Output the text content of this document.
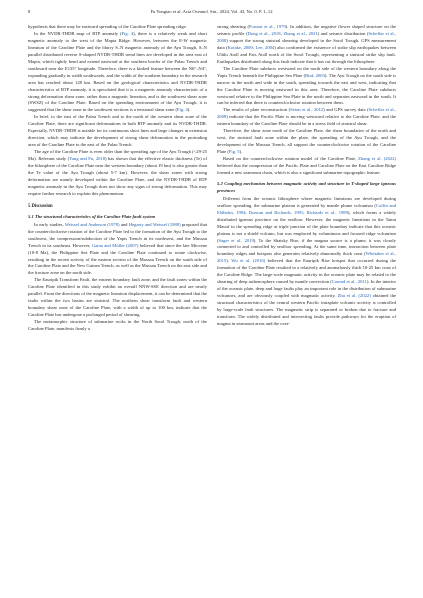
8	Fu Yongtao et al. Acta Oceanol. Sin., 2024, Vol. 43, No. 0, P. 1–12

hypothesis that there may be eastward spreading of the Caroline Plate spreading ridge.

In the NVDR-THDR map of RTP anomaly (Fig. 4), there is a relatively weak and short magnetic anomaly to the west of the Mapia Ridge. However, between the E-W magnetic lineation of the Caroline Plate and the blurry S–N magnetic anomaly of the Ayu Trough, S–N parallel distributed reverse S-shaped NVDR-THDR trend lines are developed in the area east of Mapia, which tightly bend and extend eastward at the southern border of the Palau Trench and southward near the E135° longitude. Therefore, there is a kinked feature between the N6°–N4°, expanding gradually in width southwards, and the width of the southern boundary in the research area has reached about 128 km. Based on the geological characteristics and NVDR-THDR characteristics of RTP anomaly, it is speculated that it is a magnetic anomaly characteristic of a strong deformation shear zone, rather than a magnetic lineation, and is the southwest shear zone (SWSZ) of the Caroline Plate. Based on the spreading environment of the Ayu Trough, it is suggested that the shear zone in the southwest sections is a tensional shear zone (Fig. 4).

In brief, to the east of the Palau Trench and to the north of the western shear zone of the Caroline Plate, there are significant deformations in both RTP anomaly and its NVDR-THDR. Especially, NVDR-THDR is notable for its continuous short lines and large changes in extension direction, which may indicate the development of strong shear deformation in the protruding area of the Caroline Plate to the east of the Palau Trench.

The age of the Caroline Plate is even older than the spreading age of the Ayu Trough (<29-25 Ma). Relevant study (Yang and Fu, 2018) has shown that the effective elastic thickness (Te) of the lithosphere of the Caroline Plate near the western boundary (about 19 km) is also greater than the Te value of the Ayu Trough (about 5-7 km). However, the shear zones with strong deformation are mainly developed within the Caroline Plate, and the NVDR-THDR of RTP magnetic anomaly in the Ayu Trough does not show any signs of strong deformation. This may require further research to explain this phenomenon.

5 Discussion
5.1 The structural characteristics of the Caroline Plate fault system

In early studies, Weissel and Anderson (1978) and Hegarty and Weissel (1988) proposed that the counterclockwise rotation of the Caroline Plate led to the formation of the Ayu Trough to the southwest, the compression/subduction of the Yapis Trench in its northwest, and the Mussau Trench in its southeast. However, Gaina and Müller (2007) believed that since the late Miocene (10-8 Ma), the Philippine Sea Plate and the Caroline Plate continued to rotate clockwise, resulting in the recent activity of the eastern section of the Mussau Trench on the south side of the Caroline Plate and the New Guinea Trench, as well as the Mussau Trench on the east side and the fracture zone on the north side.

The Eauripik Transform Fault, the eastern boundary fault zone, and the fault zones within the Caroline Plate identified in this study exhibit an overall NNW-SSE direction and are nearly parallel. From the directions of the magnetic lineation displacement, it can be determined that the faults within the two basins are sinistral. The northern shear transform fault and western boundary shear zone of the Caroline Plate, with a width of up to 100 km, indicate that the Caroline Plate has undergone a prolonged period of shearing.

The metamorphic structure of submarine rocks in the North Sorol Trough, north of the Caroline Plate, manifests firmly a

strong shearing (Fornari et al., 1979). In addition, the negative flower shaped structure on the seismic profile (Dong et al., 2018; Zhang et al., 2021) and seismic distribution (Scheffar et al., 2008) support the strong sinistral shearing developed in the Sorol Trough. GPS measurement data (Kotake, 2000; Lee, 2004) also confirmed the existence of strike slip earthquakes between Ulithi Atoll and Fais Atoll north of the Sorol Trough, representing a sinistral strike slip fault. Earthquakes distributed along this fault indicate that it has cut through the lithosphere.

The Caroline Plate subducts westward on the north side of the western boundary along the Yapis Trench beneath the Philippine Sea Plate (Bird, 2003). The Ayu Trough on the south side is narrow in the north and wide in the south, spreading towards the east and west, indicating that the Caroline Plate is moving eastward in this area. Therefore, the Caroline Plate subducts westward relative to the Philippine Sea Plate in the north and separates eastward in the south. It can be inferred that there is counterclockwise rotation between them.

The results of plate reconstruction (Seton et al., 2012) and GPS survey data (Scheffar et al., 2008) indicate that the Pacific Plate is moving westward relative to the Caroline Plate, and the eastern boundary of the Caroline Plate should be in a stress field of sinistral shear.

Therefore, the shear zone north of the Caroline Plate, the shear boundaries of the north and west, the sinistral fault zone within the plate, the spreading of the Ayu Trough, and the development of the Mussau Trench, all support the counterclockwise rotation of the Caroline Plate (Fig. 5).

Based on the counterclockwise rotation model of the Caroline Plate, Zhang et al. (2022) believed that the compression of the Pacific Plate and Caroline Plate on the East Caroline Ridge formed a new seamount chain, which is also a significant submarine topographic feature.

5.2 Coupling mechanism between magmatic activity and structure in T-shaped large igneous provinces

Different from the oceanic lithosphere where magnetic lineations are developed during seafloor spreading, the submarine plateau is generated by mantle plume volcanism (Coffin and Eldholm, 1994; Duncan and Richards, 1991; Richards et al., 1989), which forms a widely distributed igneous province on the seafloor. However, the magnetic lineations in the Tamu Massif in the spreading ridge at triple junction of the plate boundary indicate that this oceanic plateau is not a shield volcano, but was emplaced by voluminous and focused ridge volcanism (Sager et al., 2019). To the Shatsky Rise, if the magma source is a plume, it was closely connected to and controlled by seafloor spreading. At the same time, interaction between plate boundary ridges and hotspots also generates relatively abnormally thick crust (Whittaker et al., 2015). Wu et al. (2016) believed that the Eauripik Rise hotspot that occurred during the formation of the Caroline Plate resulted in a relatively and anomalously thick 10-25 km crust of the Caroline Ridge. The large-scale magmatic activity in the oceanic plate may be related to the shearing of deep asthenosphere caused by mantle convection (Conrad et al., 2011). In the interior of the oceanic plate, deep and large faults play an important role in the distribution of submarine volcanoes, and are obviously coupled with magmatic activity. Zhu et al. (2022) obtained the structural characteristics of the central western Pacific intraplate volcanic activity is controlled by large-scale fault structures. The magmatic strip is separated or broken due to fracture and transform. The widely distributed and intersecting faults provide pathways for the eruption of magma in seamount areas and the over-
